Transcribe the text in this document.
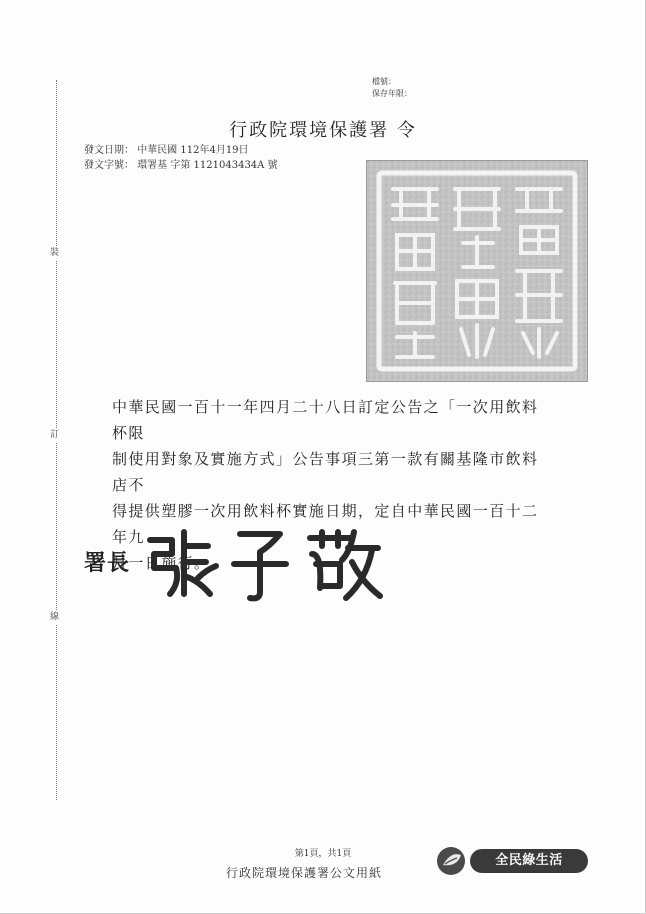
裝
訂
線
檔號：
保存年限：
行政院環境保護署 令
發文日期： 中華民國 112年4月19日
發文字號： 環署基 字第 1121043434A 號
中華民國一百十一年四月二十八日訂定公告之「一次用飲料杯限
制使用對象及實施方式」公告事項三第一款有關基隆市飲料店不
得提供塑膠一次用飲料杯實施日期，定自中華民國一百十二年九
月一日施行。
署長
第1頁，共1頁
行政院環境保護署公文用紙
全民綠生活
